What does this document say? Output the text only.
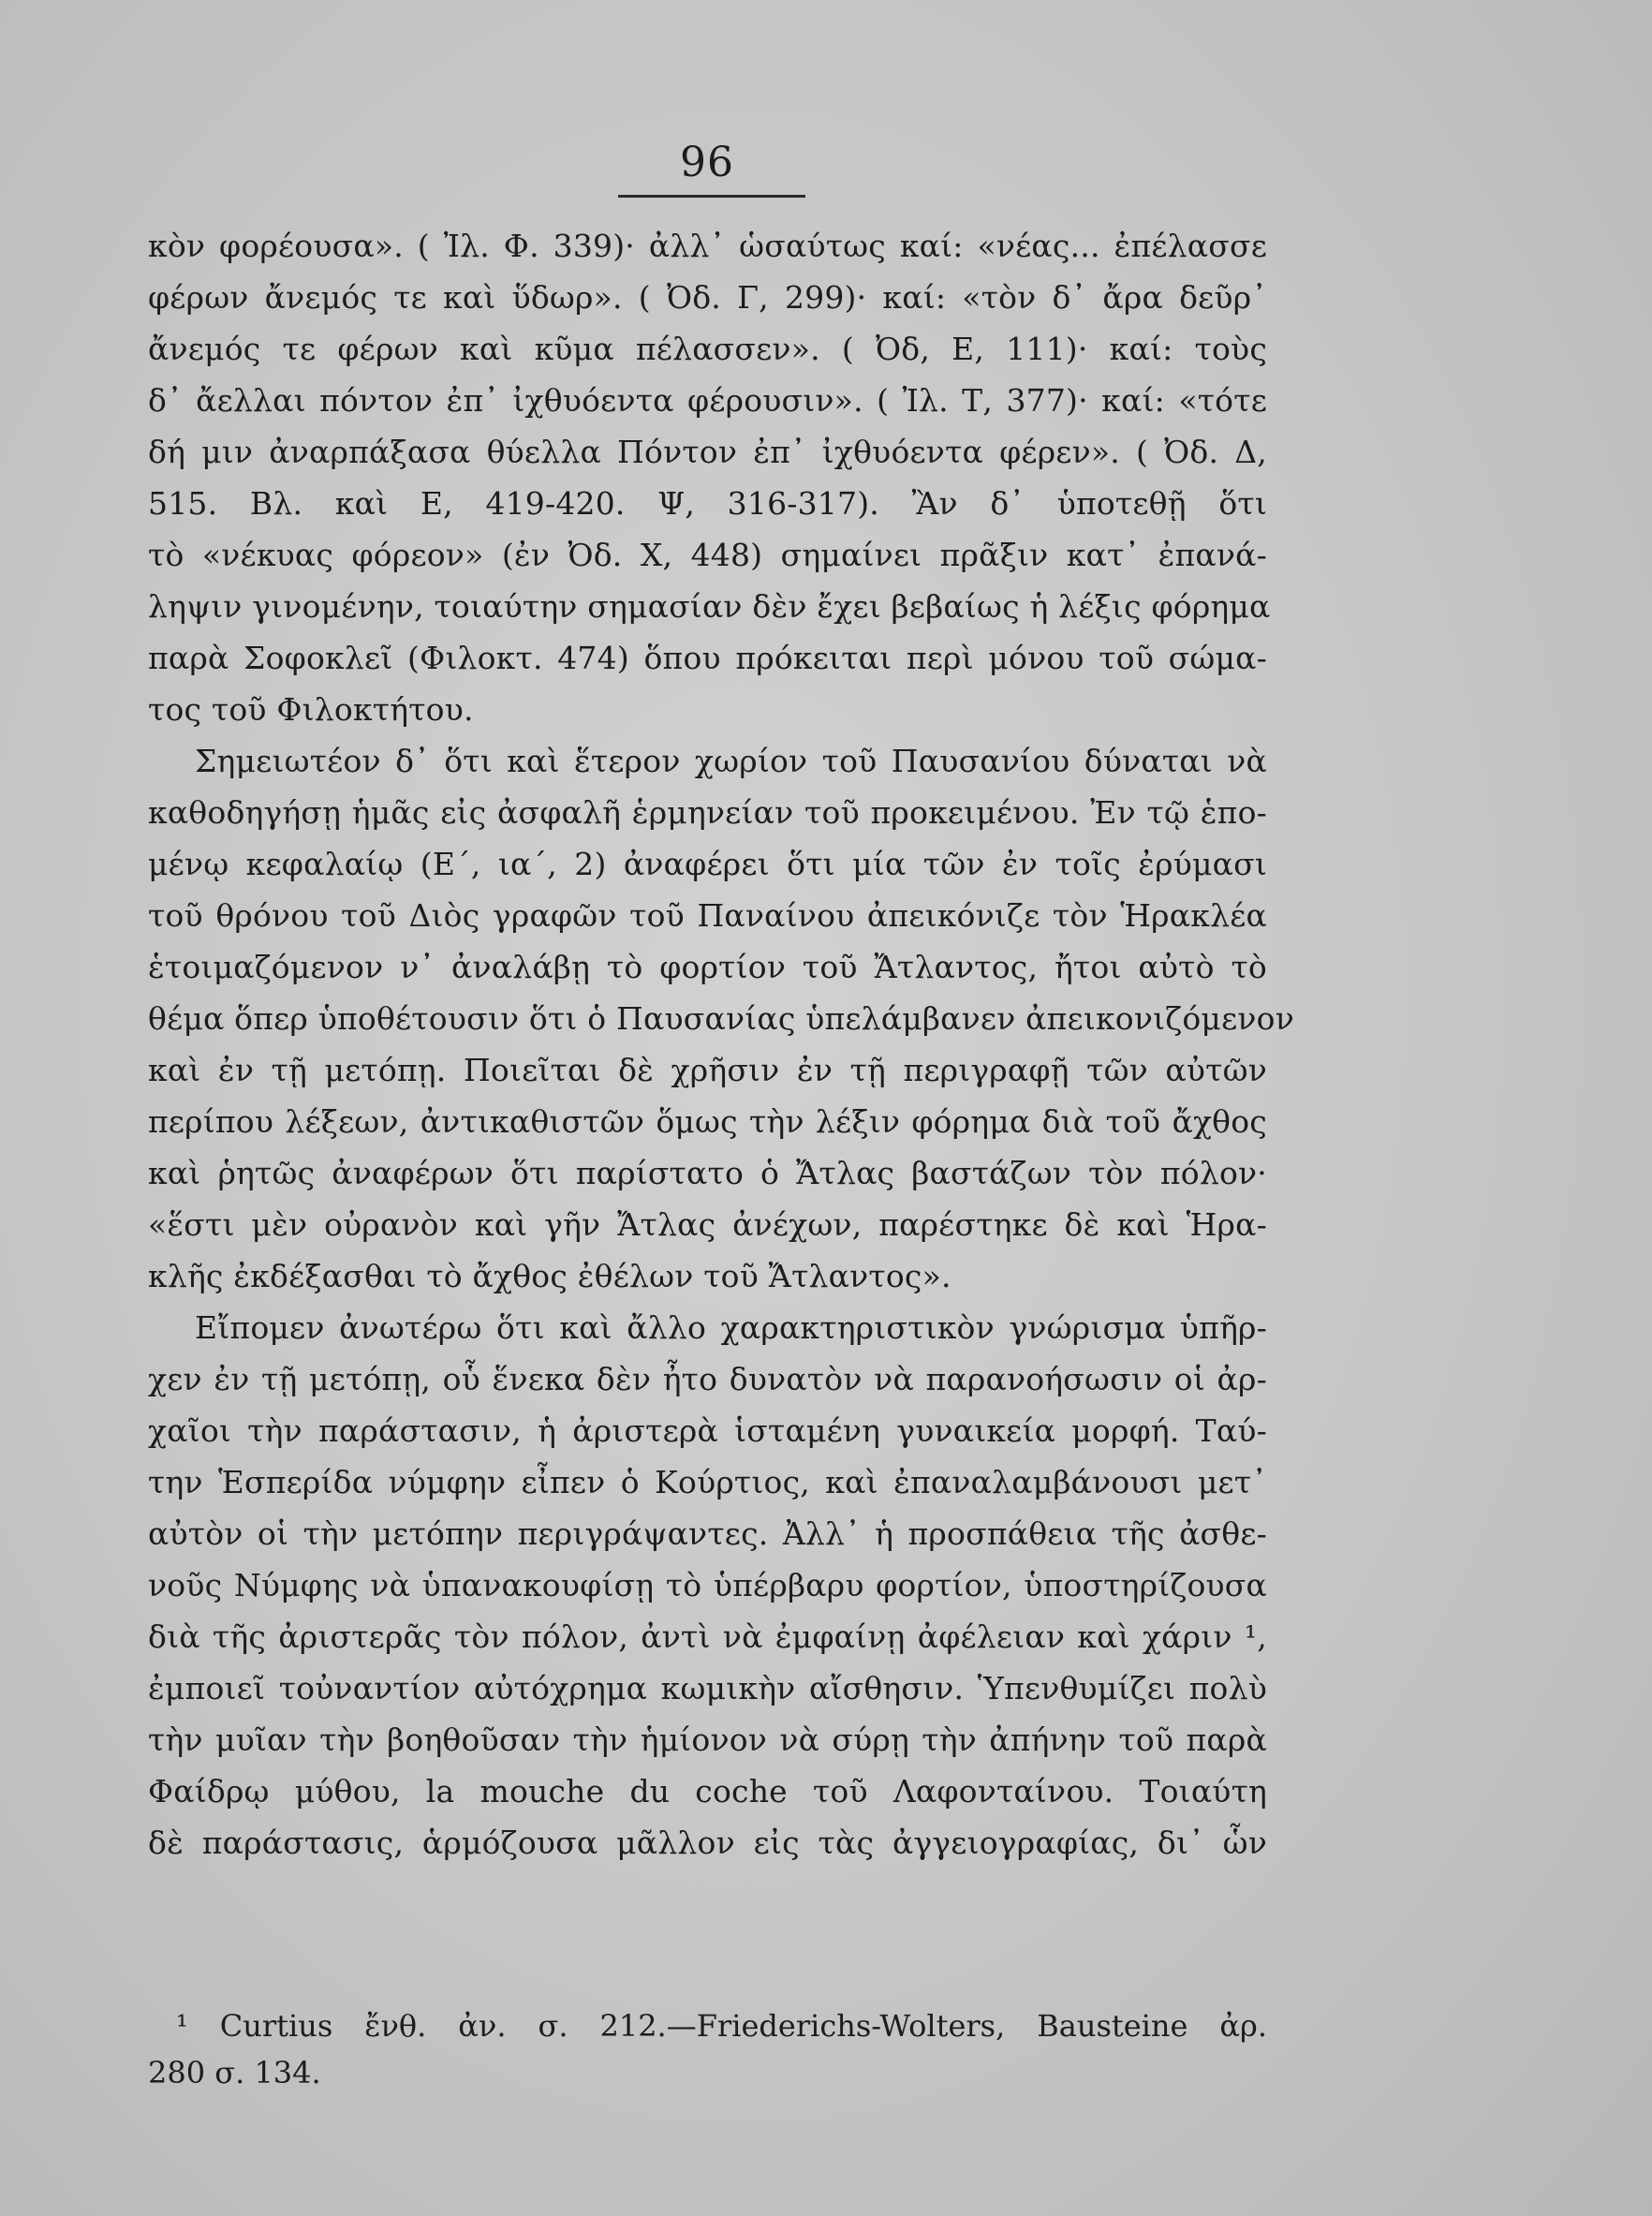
96
κὸν φορέουσα». ( Ἰλ. Φ. 339)· ἀλλ᾽ ὡσαύτως καί: «νέας... ἐπέλασσε
φέρων ἄνεμός τε καὶ ὕδωρ». ( Ὀδ. Γ, 299)· καί: «τὸν δ᾽ ἄρα δεῦρ᾽
ἄνεμός τε φέρων καὶ κῦμα πέλασσεν». ( Ὀδ, Ε, 111)· καί: τοὺς
δ᾽ ἄελλαι πόντον ἐπ᾽ ἰχθυόεντα φέρουσιν». ( Ἰλ. Τ, 377)· καί: «τότε
δή μιν ἀναρπάξασα θύελλα Πόντον ἐπ᾽ ἰχθυόεντα φέρεν». ( Ὀδ. Δ,
515. Βλ. καὶ Ε, 419-420. Ψ, 316-317). Ἂν δ᾽ ὑποτεθῇ ὅτι
τὸ «νέκυας φόρεον» (ἐν Ὀδ. Χ, 448) σημαίνει πρᾶξιν κατ᾽ ἐπανά-
ληψιν γινομένην, τοιαύτην σημασίαν δὲν ἔχει βεβαίως ἡ λέξις φόρημα
παρὰ Σοφοκλεῖ (Φιλοκτ. 474) ὅπου πρόκειται περὶ μόνου τοῦ σώμα-
τος τοῦ Φιλοκτήτου.
Σημειωτέον δ᾽ ὅτι καὶ ἕτερον χωρίον τοῦ Παυσανίου δύναται νὰ
καθοδηγήσῃ ἡμᾶς εἰς ἀσφαλῆ ἑρμηνείαν τοῦ προκειμένου. Ἐν τῷ ἑπο-
μένῳ κεφαλαίῳ (Ε΄, ια΄, 2) ἀναφέρει ὅτι μία τῶν ἐν τοῖς ἐρύμασι
τοῦ θρόνου τοῦ Διὸς γραφῶν τοῦ Παναίνου ἀπεικόνιζε τὸν Ἡρακλέα
ἑτοιμαζόμενον ν᾽ ἀναλάβῃ τὸ φορτίον τοῦ Ἄτλαντος, ἤτοι αὐτὸ τὸ
θέμα ὅπερ ὑποθέτουσιν ὅτι ὁ Παυσανίας ὑπελάμβανεν ἀπεικονιζόμενον
καὶ ἐν τῇ μετόπῃ. Ποιεῖται δὲ χρῆσιν ἐν τῇ περιγραφῇ τῶν αὐτῶν
περίπου λέξεων, ἀντικαθιστῶν ὅμως τὴν λέξιν φόρημα διὰ τοῦ ἄχθος
καὶ ῥητῶς ἀναφέρων ὅτι παρίστατο ὁ Ἄτλας βαστάζων τὸν πόλον·
«ἕστι μὲν οὐρανὸν καὶ γῆν Ἄτλας ἀνέχων, παρέστηκε δὲ καὶ Ἡρα-
κλῆς ἐκδέξασθαι τὸ ἄχθος ἐθέλων τοῦ Ἄτλαντος».
Εἴπομεν ἀνωτέρω ὅτι καὶ ἄλλο χαρακτηριστικὸν γνώρισμα ὑπῆρ-
χεν ἐν τῇ μετόπῃ, οὗ ἕνεκα δὲν ἦτο δυνατὸν νὰ παρανοήσωσιν οἱ ἀρ-
χαῖοι τὴν παράστασιν, ἡ ἀριστερὰ ἱσταμένη γυναικεία μορφή. Ταύ-
την Ἑσπερίδα νύμφην εἶπεν ὁ Κούρτιος, καὶ ἐπαναλαμβάνουσι μετ᾽
αὐτὸν οἱ τὴν μετόπην περιγράψαντες. Ἀλλ᾽ ἡ προσπάθεια τῆς ἀσθε-
νοῦς Νύμφης νὰ ὑπανακουφίσῃ τὸ ὑπέρβαρυ φορτίον, ὑποστηρίζουσα
διὰ τῆς ἀριστερᾶς τὸν πόλον, ἀντὶ νὰ ἐμφαίνῃ ἀφέλειαν καὶ χάριν ¹,
ἐμποιεῖ τοὐναντίον αὐτόχρημα κωμικὴν αἴσθησιν. Ὑπενθυμίζει πολὺ
τὴν μυῖαν τὴν βοηθοῦσαν τὴν ἡμίονον νὰ σύρῃ τὴν ἀπήνην τοῦ παρὰ
Φαίδρῳ μύθου, la mouche du coche τοῦ Λαφονταίνου. Τοιαύτη
δὲ παράστασις, ἁρμόζουσα μᾶλλον εἰς τὰς ἀγγειογραφίας, δι᾽ ὧν
¹ Curtius ἔνθ. ἀν. σ. 212.—Friederichs-Wolters, Bausteine ἀρ.
280 σ. 134.
